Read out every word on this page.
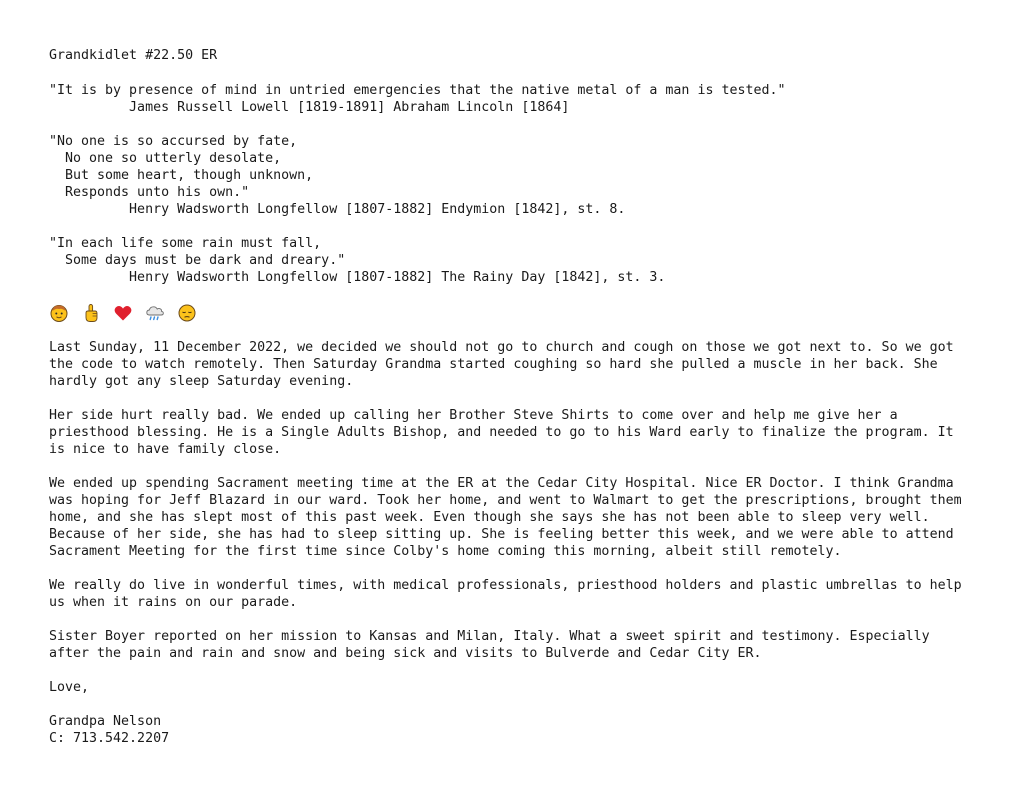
Grandkidlet #22.50 ER
"It is by presence of mind in untried emergencies that the native metal of a man is tested."
James Russell Lowell [1819-1891] Abraham Lincoln [1864]
"No one is so accursed by fate,
No one so utterly desolate,
But some heart, though unknown,
Responds unto his own."
Henry Wadsworth Longfellow [1807-1882] Endymion [1842], st. 8.
"In each life some rain must fall,
Some days must be dark and dreary."
Henry Wadsworth Longfellow [1807-1882] The Rainy Day [1842], st. 3.
Last Sunday, 11 December 2022, we decided we should not go to church and cough on those we got next to. So we got
the code to watch remotely. Then Saturday Grandma started coughing so hard she pulled a muscle in her back. She
hardly got any sleep Saturday evening.
Her side hurt really bad. We ended up calling her Brother Steve Shirts to come over and help me give her a
priesthood blessing. He is a Single Adults Bishop, and needed to go to his Ward early to finalize the program. It
is nice to have family close.
We ended up spending Sacrament meeting time at the ER at the Cedar City Hospital. Nice ER Doctor. I think Grandma
was hoping for Jeff Blazard in our ward. Took her home, and went to Walmart to get the prescriptions, brought them
home, and she has slept most of this past week. Even though she says she has not been able to sleep very well.
Because of her side, she has had to sleep sitting up. She is feeling better this week, and we were able to attend
Sacrament Meeting for the first time since Colby's home coming this morning, albeit still remotely.
We really do live in wonderful times, with medical professionals, priesthood holders and plastic umbrellas to help
us when it rains on our parade.
Sister Boyer reported on her mission to Kansas and Milan, Italy. What a sweet spirit and testimony. Especially
after the pain and rain and snow and being sick and visits to Bulverde and Cedar City ER.
Love,
Grandpa Nelson
C: 713.542.2207
